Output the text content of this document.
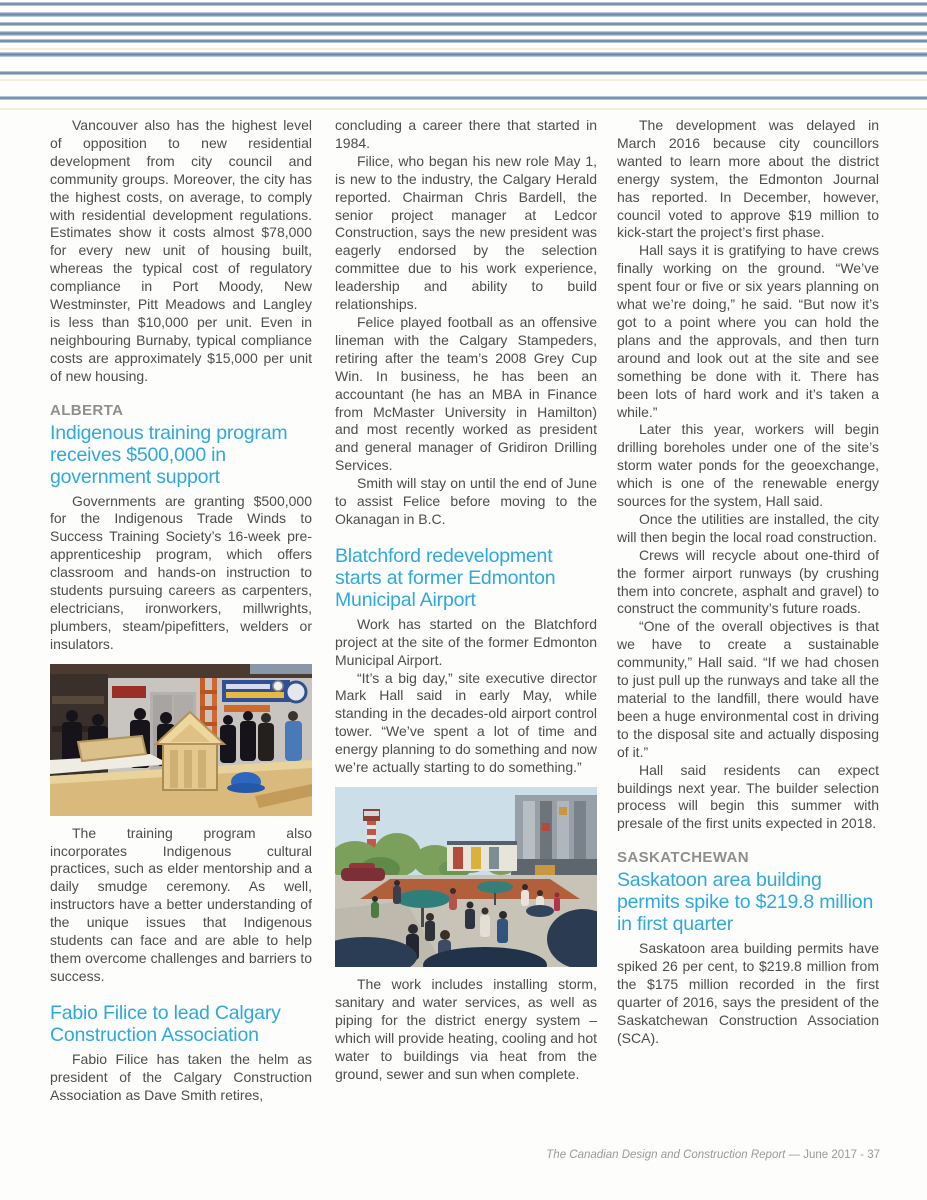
Vancouver also has the highest level of opposition to new residential development from city council and community groups. Moreover, the city has the highest costs, on average, to comply with residential development regulations. Estimates show it costs almost $78,000 for every new unit of housing built, whereas the typical cost of regulatory compliance in Port Moody, New Westminster, Pitt Meadows and Langley is less than $10,000 per unit. Even in neighbouring Burnaby, typical compliance costs are approximately $15,000 per unit of new housing.

ALBERTA
Indigenous training program receives $500,000 in government support

Governments are granting $500,000 for the Indigenous Trade Winds to Success Training Society’s 16-week pre-apprenticeship program, which offers classroom and hands-on instruction to students pursuing careers as carpenters, electricians, ironworkers, millwrights, plumbers, steam/pipefitters, welders or insulators.

The training program also incorporates Indigenous cultural practices, such as elder mentorship and a daily smudge ceremony. As well, instructors have a better understanding of the unique issues that Indigenous students can face and are able to help them overcome challenges and barriers to success.

Fabio Filice to lead Calgary Construction Association

Fabio Filice has taken the helm as president of the Calgary Construction Association as Dave Smith retires,

concluding a career there that started in 1984.

Filice, who began his new role May 1, is new to the industry, the Calgary Herald reported. Chairman Chris Bardell, the senior project manager at Ledcor Construction, says the new president was eagerly endorsed by the selection committee due to his work experience, leadership and ability to build relationships.

Felice played football as an offensive lineman with the Calgary Stampeders, retiring after the team’s 2008 Grey Cup Win. In business, he has been an accountant (he has an MBA in Finance from McMaster University in Hamilton) and most recently worked as president and general manager of Gridiron Drilling Services.

Smith will stay on until the end of June to assist Felice before moving to the Okanagan in B.C.

Blatchford redevelopment starts at former Edmonton Municipal Airport

Work has started on the Blatchford project at the site of the former Edmonton Municipal Airport.

“It’s a big day,” site executive director Mark Hall said in early May, while standing in the decades-old airport control tower. “We’ve spent a lot of time and energy planning to do something and now we’re actually starting to do something.”

The work includes installing storm, sanitary and water services, as well as piping for the district energy system – which will provide heating, cooling and hot water to buildings via heat from the ground, sewer and sun when complete.

The development was delayed in March 2016 because city councillors wanted to learn more about the district energy system, the Edmonton Journal has reported. In December, however, council voted to approve $19 million to kick-start the project’s first phase.

Hall says it is gratifying to have crews finally working on the ground. “We’ve spent four or five or six years planning on what we’re doing,” he said. “But now it’s got to a point where you can hold the plans and the approvals, and then turn around and look out at the site and see something be done with it. There has been lots of hard work and it’s taken a while.”

Later this year, workers will begin drilling boreholes under one of the site’s storm water ponds for the geoexchange, which is one of the renewable energy sources for the system, Hall said.

Once the utilities are installed, the city will then begin the local road construction.

Crews will recycle about one-third of the former airport runways (by crushing them into concrete, asphalt and gravel) to construct the community’s future roads.

“One of the overall objectives is that we have to create a sustainable community,” Hall said. “If we had chosen to just pull up the runways and take all the material to the landfill, there would have been a huge environmental cost in driving to the disposal site and actually disposing of it.”

Hall said residents can expect buildings next year. The builder selection process will begin this summer with presale of the first units expected in 2018.

SASKATCHEWAN
Saskatoon area building permits spike to $219.8 million in first quarter

Saskatoon area building permits have spiked 26 per cent, to $219.8 million from the $175 million recorded in the first quarter of 2016, says the president of the Saskatchewan Construction Association (SCA).

The Canadian Design and Construction Report — June 2017 - 37
